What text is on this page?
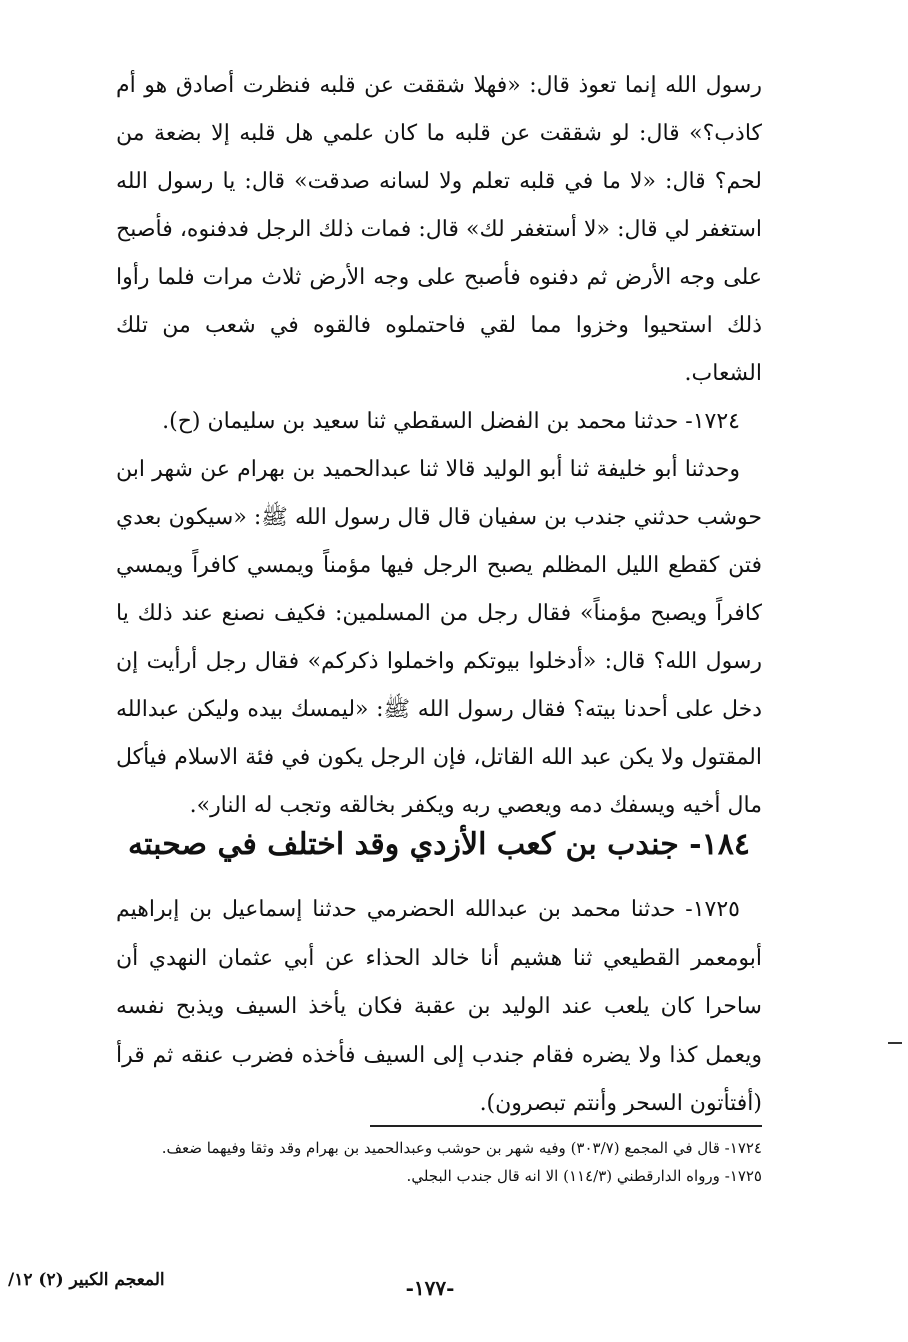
رسول الله إنما تعوذ قال: «فهلا شققت عن قلبه فنظرت أصادق هو أم كاذب؟» قال: لو شققت عن قلبه ما كان علمي هل قلبه إلا بضعة من لحم؟ قال: «لا ما في قلبه تعلم ولا لسانه صدقت» قال: يا رسول الله استغفر لي قال: «لا أستغفر لك» قال: فمات ذلك الرجل فدفنوه، فأصبح على وجه الأرض ثم دفنوه فأصبح على وجه الأرض ثلاث مرات فلما رأوا ذلك استحيوا وخزوا مما لقي فاحتملوه فالقوه في شعب من تلك الشعاب.

١٧٢٤- حدثنا محمد بن الفضل السقطي ثنا سعيد بن سليمان (ح).

وحدثنا أبو خليفة ثنا أبو الوليد قالا ثنا عبدالحميد بن بهرام عن شهر ابن حوشب حدثني جندب بن سفيان قال قال رسول الله ﷺ: «سيكون بعدي فتن كقطع الليل المظلم يصبح الرجل فيها مؤمناً ويمسي كافراً ويمسي كافراً ويصبح مؤمناً» فقال رجل من المسلمين: فكيف نصنع عند ذلك يا رسول الله؟ قال: «أدخلوا بيوتكم واخملوا ذكركم» فقال رجل أرأيت إن دخل على أحدنا بيته؟ فقال رسول الله ﷺ: «ليمسك بيده وليكن عبدالله المقتول ولا يكن عبد الله القاتل، فإن الرجل يكون في فئة الاسلام فيأكل مال أخيه ويسفك دمه ويعصي ربه ويكفر بخالقه وتجب له النار».

١٨٤- جندب بن كعب الأزدي وقد اختلف في صحبته

١٧٢٥- حدثنا محمد بن عبدالله الحضرمي حدثنا إسماعيل بن إبراهيم أبومعمر القطيعي ثنا هشيم أنا خالد الحذاء عن أبي عثمان النهدي أن ساحرا كان يلعب عند الوليد بن عقبة فكان يأخذ السيف ويذبح نفسه ويعمل كذا ولا يضره فقام جندب إلى السيف فأخذه فضرب عنقه ثم قرأ (أفتأتون السحر وأنتم تبصرون).

١٧٢٤- قال في المجمع (٣٠٣/٧) وفيه شهر بن حوشب وعبدالحميد بن بهرام وقد وثقا وفيهما ضعف.

١٧٢٥- ورواه الدارقطني (١١٤/٣) الا انه قال جندب البجلي.

-١٧٧-
المعجم الكبير (٢) ١٢/
